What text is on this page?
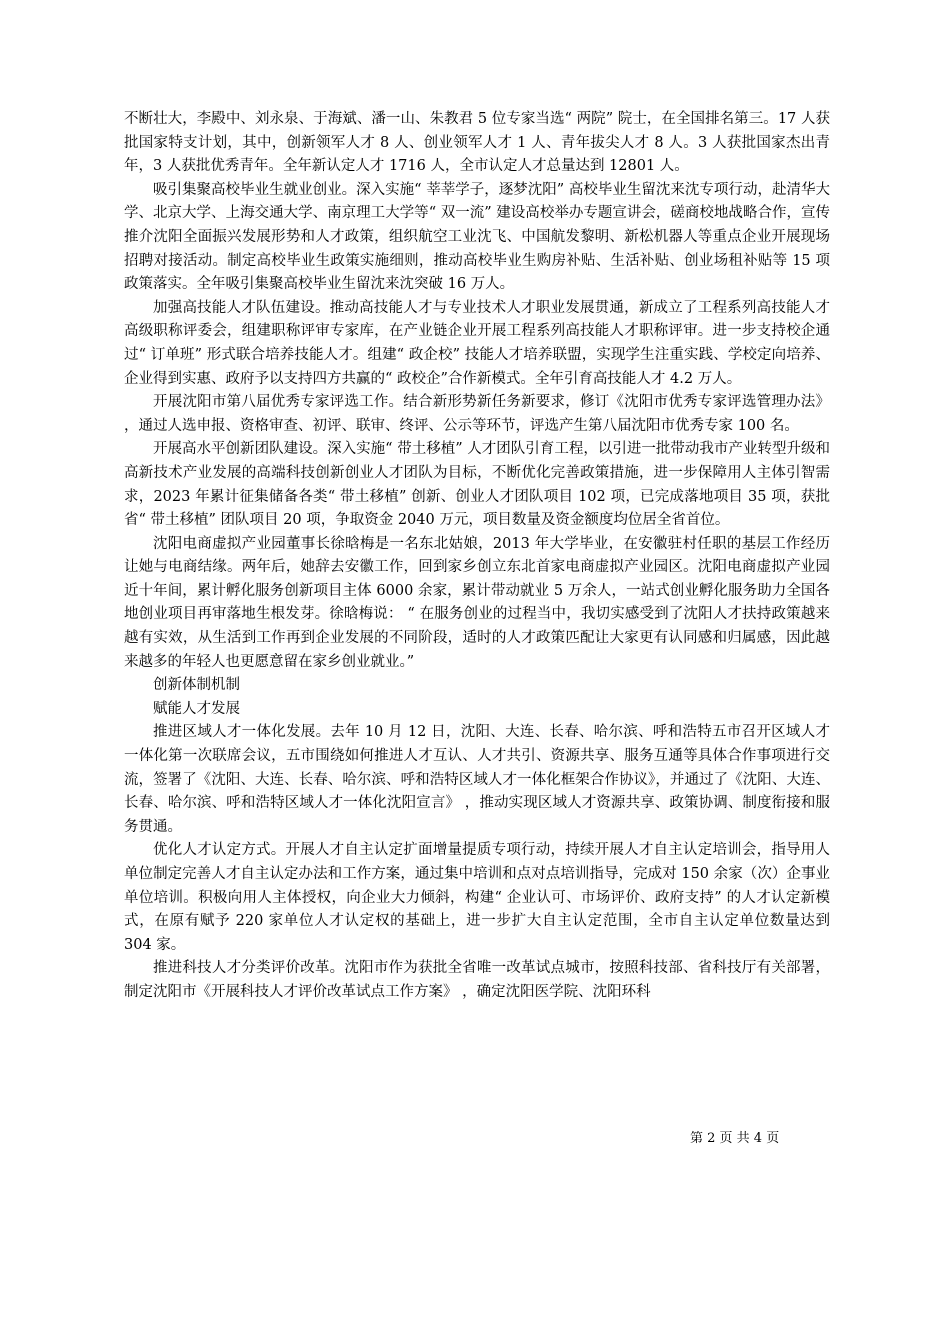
不断壮大，李殿中、刘永泉、于海斌、潘一山、朱教君 5 位专家当选“ 两院” 院士，在全国排名第三。17 人获批国家特支计划，其中，创新领军人才 8 人、创业领军人才 1 人、青年拔尖人才 8 人。3 人获批国家杰出青年，3 人获批优秀青年。全年新认定人才 1716 人，全市认定人才总量达到 12801 人。

吸引集聚高校毕业生就业创业。深入实施“ 莘莘学子，逐梦沈阳” 高校毕业生留沈来沈专项行动，赴清华大学、北京大学、上海交通大学、南京理工大学等“ 双一流” 建设高校举办专题宣讲会，磋商校地战略合作，宣传推介沈阳全面振兴发展形势和人才政策，组织航空工业沈飞、中国航发黎明、新松机器人等重点企业开展现场招聘对接活动。制定高校毕业生政策实施细则，推动高校毕业生购房补贴、生活补贴、创业场租补贴等 15 项政策落实。全年吸引集聚高校毕业生留沈来沈突破 16 万人。

加强高技能人才队伍建设。推动高技能人才与专业技术人才职业发展贯通，新成立了工程系列高技能人才高级职称评委会，组建职称评审专家库，在产业链企业开展工程系列高技能人才职称评审。进一步支持校企通过“ 订单班” 形式联合培养技能人才。组建“ 政企校” 技能人才培养联盟，实现学生注重实践、学校定向培养、企业得到实惠、政府予以支持四方共赢的“ 政校企”合作新模式。全年引育高技能人才 4.2 万人。

开展沈阳市第八届优秀专家评选工作。结合新形势新任务新要求，修订《沈阳市优秀专家评选管理办法》 ，通过人选申报、资格审查、初评、联审、终评、公示等环节，评选产生第八届沈阳市优秀专家 100 名。

开展高水平创新团队建设。深入实施“ 带土移植” 人才团队引育工程，以引进一批带动我市产业转型升级和高新技术产业发展的高端科技创新创业人才团队为目标，不断优化完善政策措施，进一步保障用人主体引智需求，2023 年累计征集储备各类“ 带土移植” 创新、创业人才团队项目 102 项，已完成落地项目 35 项，获批省“ 带土移植” 团队项目 20 项，争取资金 2040 万元，项目数量及资金额度均位居全省首位。

沈阳电商虚拟产业园董事长徐晗梅是一名东北姑娘，2013 年大学毕业，在安徽驻村任职的基层工作经历让她与电商结缘。两年后，她辞去安徽工作，回到家乡创立东北首家电商虚拟产业园区。沈阳电商虚拟产业园近十年间，累计孵化服务创新项目主体 6000 余家，累计带动就业 5 万余人，一站式创业孵化服务助力全国各地创业项目再审落地生根发芽。徐晗梅说： “ 在服务创业的过程当中，我切实感受到了沈阳人才扶持政策越来越有实效，从生活到工作再到企业发展的不同阶段，适时的人才政策匹配让大家更有认同感和归属感，因此越来越多的年轻人也更愿意留在家乡创业就业。”

创新体制机制

赋能人才发展

推进区域人才一体化发展。去年 10 月 12 日，沈阳、大连、长春、哈尔滨、呼和浩特五市召开区域人才一体化第一次联席会议，五市围绕如何推进人才互认、人才共引、资源共享、服务互通等具体合作事项进行交流，签署了《沈阳、大连、长春、哈尔滨、呼和浩特区域人才一体化框架合作协议》，并通过了《沈阳、大连、长春、哈尔滨、呼和浩特区域人才一体化沈阳宣言》 ，推动实现区域人才资源共享、政策协调、制度衔接和服务贯通。

优化人才认定方式。开展人才自主认定扩面增量提质专项行动，持续开展人才自主认定培训会，指导用人单位制定完善人才自主认定办法和工作方案，通过集中培训和点对点培训指导，完成对 150 余家（次）企事业单位培训。积极向用人主体授权，向企业大力倾斜，构建“ 企业认可、市场评价、政府支持” 的人才认定新模式，在原有赋予 220 家单位人才认定权的基础上，进一步扩大自主认定范围，全市自主认定单位数量达到 304 家。

推进科技人才分类评价改革。沈阳市作为获批全省唯一改革试点城市，按照科技部、省科技厅有关部署，制定沈阳市《开展科技人才评价改革试点工作方案》 ，确定沈阳医学院、沈阳环科

第 2 页 共 4 页
